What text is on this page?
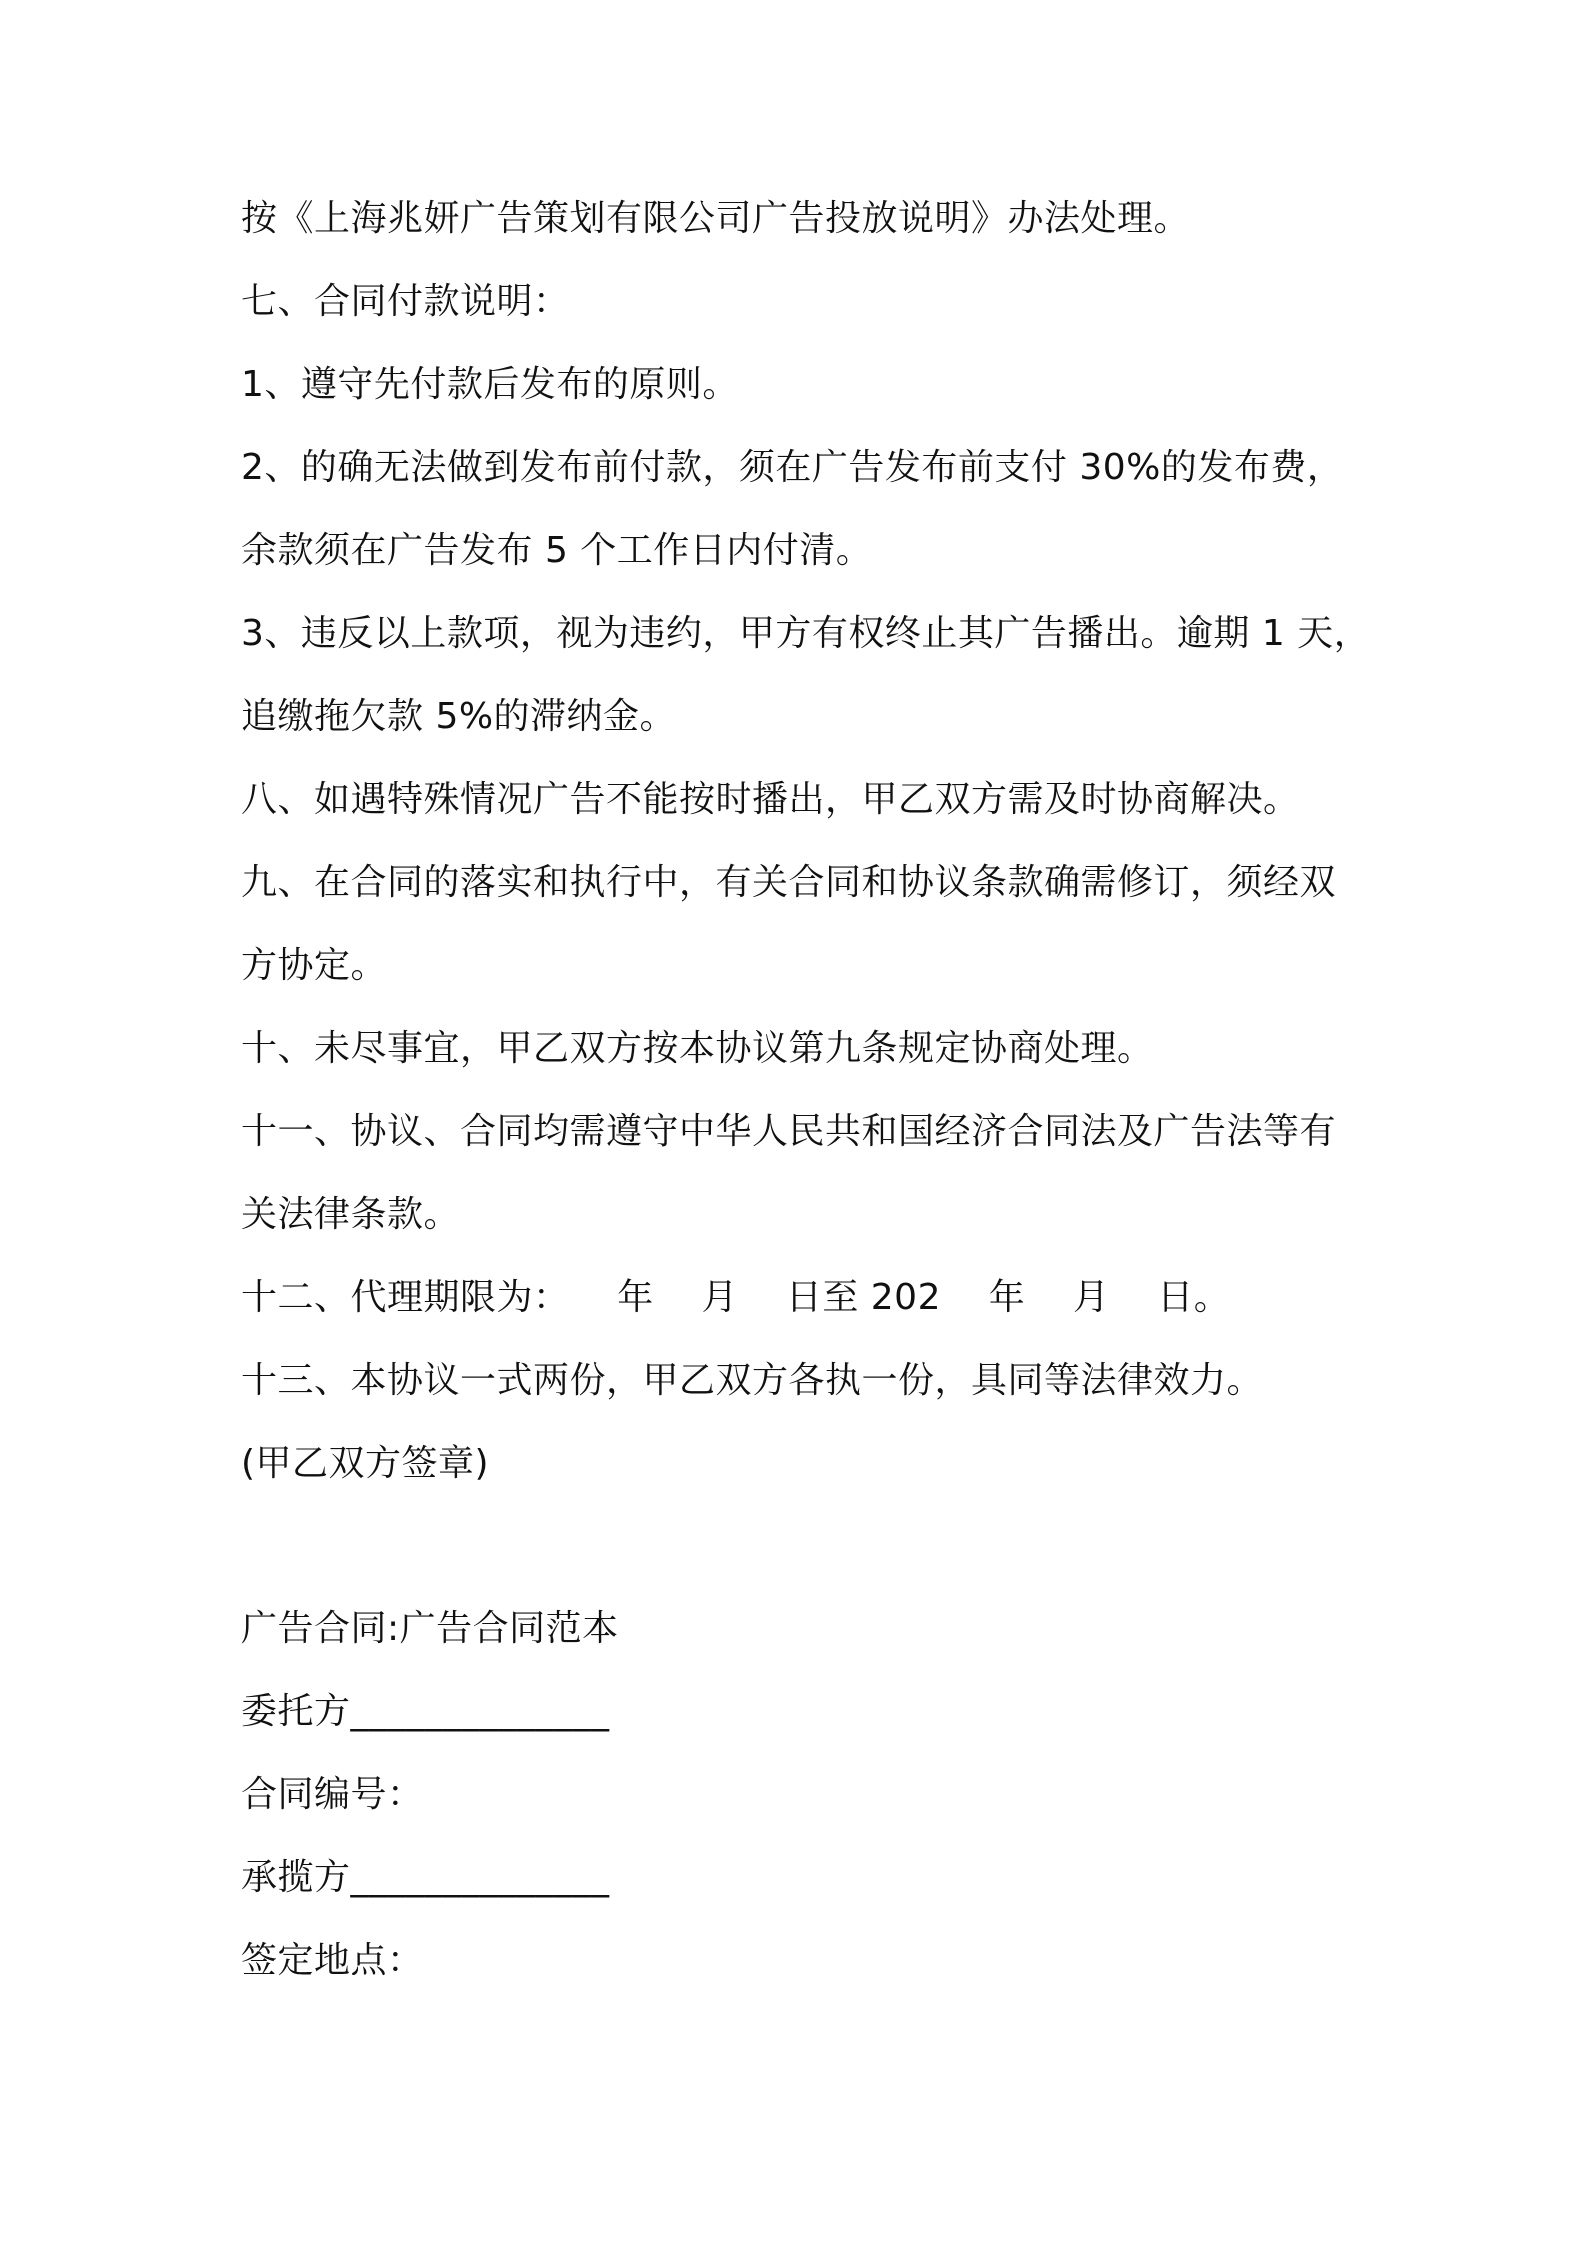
按《上海兆妍广告策划有限公司广告投放说明》办法处理。
七、合同付款说明：
1、遵守先付款后发布的原则。
2、的确无法做到发布前付款，须在广告发布前支付 30%的发布费，
余款须在广告发布 5 个工作日内付清。
3、违反以上款项，视为违约，甲方有权终止其广告播出。逾期 1 天，
追缴拖欠款 5%的滞纳金。
八、如遇特殊情况广告不能按时播出，甲乙双方需及时协商解决。
九、在合同的落实和执行中，有关合同和协议条款确需修订，须经双
方协定。
十、未尽事宜，甲乙双方按本协议第九条规定协商处理。
十一、协议、合同均需遵守中华人民共和国经济合同法及广告法等有
关法律条款。
十二、代理期限为：    年    月    日至 202    年    月    日。
十三、本协议一式两份，甲乙双方各执一份，具同等法律效力。
(甲乙双方签章)
广告合同:广告合同范本
委托方______________
合同编号：
承揽方______________
签定地点：
